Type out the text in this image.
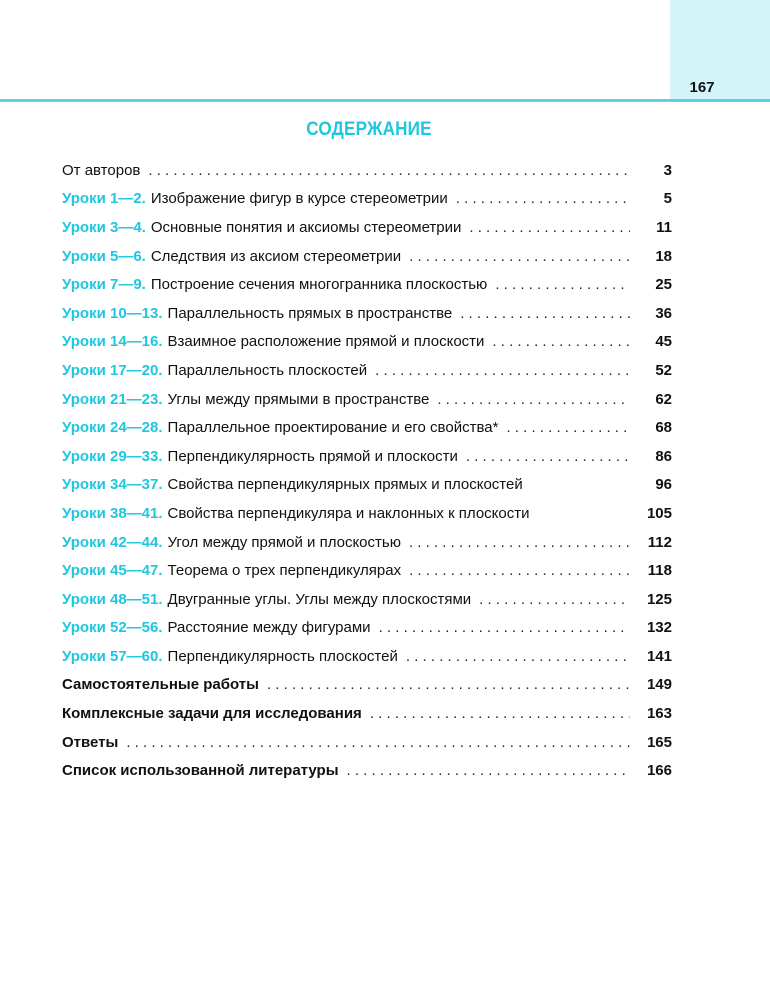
167
СОДЕРЖАНИЕ
От авторов . . .	3
Уроки 1—2. Изображение фигур в курсе стереометрии . . .	5
Уроки 3—4. Основные понятия и аксиомы стереометрии . . .	11
Уроки 5—6. Следствия из аксиом стереометрии . . .	18
Уроки 7—9. Построение сечения многогранника плоскостью . . .	25
Уроки 10—13. Параллельность прямых в пространстве . . .	36
Уроки 14—16. Взаимное расположение прямой и плоскости . . .	45
Уроки 17—20. Параллельность плоскостей . . .	52
Уроки 21—23. Углы между прямыми в пространстве . . .	62
Уроки 24—28. Параллельное проектирование и его свойства* . . .	68
Уроки 29—33. Перпендикулярность прямой и плоскости . . .	86
Уроки 34—37. Свойства перпендикулярных прямых и плоскостей	96
Уроки 38—41. Свойства перпендикуляра и наклонных к плоскости	105
Уроки 42—44. Угол между прямой и плоскостью . . .	112
Уроки 45—47. Теорема о трех перпендикулярах . . .	118
Уроки 48—51. Двугранные углы. Углы между плоскостями . . .	125
Уроки 52—56. Расстояние между фигурами . . .	132
Уроки 57—60. Перпендикулярность плоскостей . . .	141
Самостоятельные работы . . .	149
Комплексные задачи для исследования . . .	163
Ответы . . .	165
Список использованной литературы . . .	166
